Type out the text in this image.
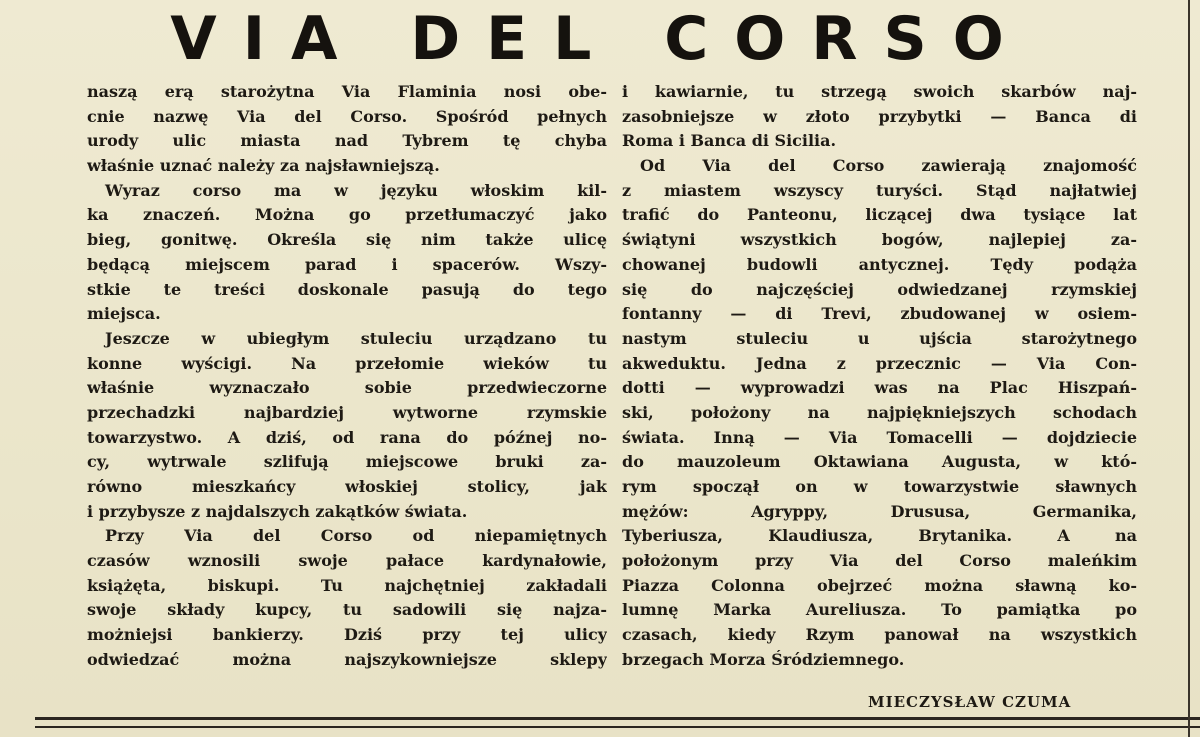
VIA DEL CORSO
naszą erą starożytna Via Flaminia nosi obe-
cnie nazwę Via del Corso. Spośród pełnych
urody ulic miasta nad Tybrem tę chyba
właśnie uznać należy za najsławniejszą.
Wyraz corso ma w języku włoskim kil-
ka znaczeń. Można go przetłumaczyć jako
bieg, gonitwę. Określa się nim także ulicę
będącą miejscem parad i spacerów. Wszy-
stkie te treści doskonale pasują do tego
miejsca.
Jeszcze w ubiegłym stuleciu urządzano tu
konne wyścigi. Na przełomie wieków tu
właśnie wyznaczało sobie przedwieczorne
przechadzki najbardziej wytworne rzymskie
towarzystwo. A dziś, od rana do późnej no-
cy, wytrwale szlifują miejscowe bruki za-
równo mieszkańcy włoskiej stolicy, jak
i przybysze z najdalszych zakątków świata.
Przy Via del Corso od niepamiętnych
czasów wznosili swoje pałace kardynałowie,
książęta, biskupi. Tu najchętniej zakładali
swoje składy kupcy, tu sadowili się najza-
możniejsi bankierzy. Dziś przy tej ulicy
odwiedzać można najszykowniejsze sklepy
i kawiarnie, tu strzegą swoich skarbów naj-
zasobniejsze w złoto przybytki — Banca di
Roma i Banca di Sicilia.
Od Via del Corso zawierają znajomość
z miastem wszyscy turyści. Stąd najłatwiej
trafić do Panteonu, liczącej dwa tysiące lat
świątyni wszystkich bogów, najlepiej za-
chowanej budowli antycznej. Tędy podąża
się do najczęściej odwiedzanej rzymskiej
fontanny — di Trevi, zbudowanej w osiem-
nastym stuleciu u ujścia starożytnego
akweduktu. Jedna z przecznic — Via Con-
dotti — wyprowadzi was na Plac Hiszpań-
ski, położony na najpiękniejszych schodach
świata. Inną — Via Tomacelli — dojdziecie
do mauzoleum Oktawiana Augusta, w któ-
rym spoczął on w towarzystwie sławnych
mężów: Agryppy, Drususa, Germanika,
Tyberiusza, Klaudiusza, Brytanika. A na
położonym przy Via del Corso maleńkim
Piazza Colonna obejrzeć można sławną ko-
lumnę Marka Aureliusza. To pamiątka po
czasach, kiedy Rzym panował na wszystkich
brzegach Morza Śródziemnego.
MIECZYSŁAW CZUMA
